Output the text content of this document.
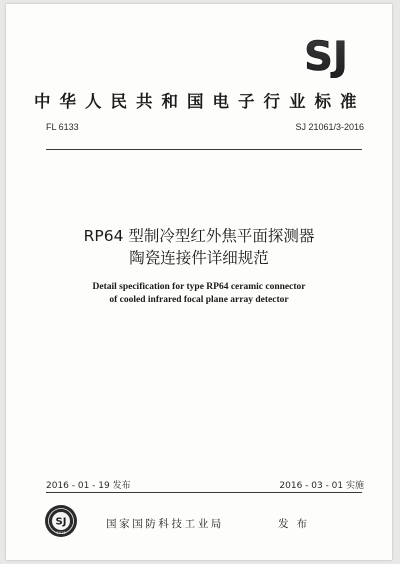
SJ
中华人民共和国电子行业标准
FL 6133	SJ 21061/3-2016
RP64 型制冷型红外焦平面探测器
陶瓷连接件详细规范
Detail specification for type RP64 ceramic connector
of cooled infrared focal plane array detector
2016 - 01 - 19 发布	2016 - 03 - 01 实施
SJ
2016
国家国防科技工业局	发布
